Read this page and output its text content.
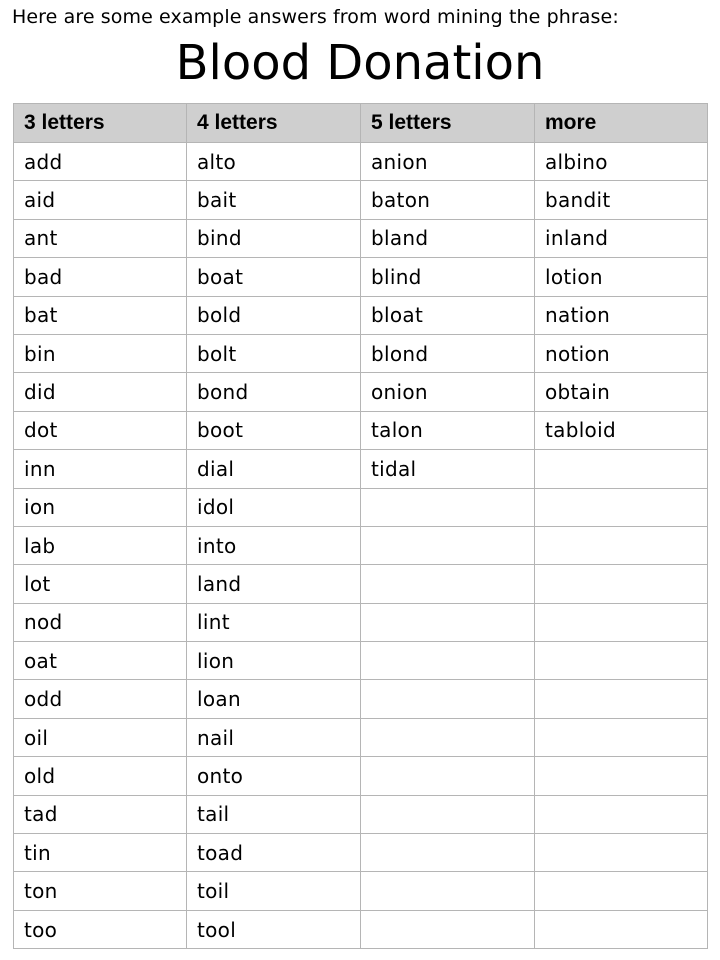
Here are some example answers from word mining the phrase:
Blood Donation
3 letters	4 letters	5 letters	more
add	alto	anion	albino
aid	bait	baton	bandit
ant	bind	bland	inland
bad	boat	blind	lotion
bat	bold	bloat	nation
bin	bolt	blond	notion
did	bond	onion	obtain
dot	boot	talon	tabloid
inn	dial	tidal	
ion	idol		
lab	into		
lot	land		
nod	lint		
oat	lion		
odd	loan		
oil	nail		
old	onto		
tad	tail		
tin	toad		
ton	toil		
too	tool		
